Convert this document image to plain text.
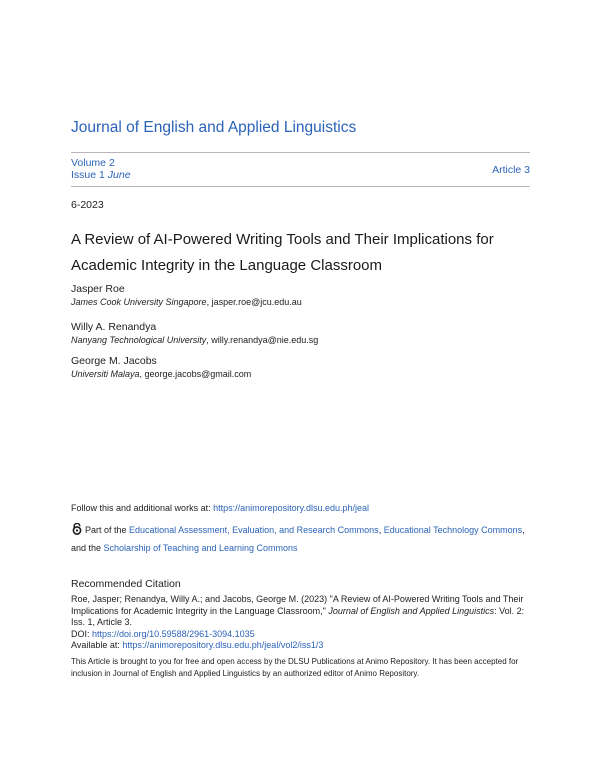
Journal of English and Applied Linguistics
Volume 2
Issue 1 June	Article 3
6-2023
A Review of AI-Powered Writing Tools and Their Implications for Academic Integrity in the Language Classroom
Jasper Roe
James Cook University Singapore, jasper.roe@jcu.edu.au
Willy A. Renandya
Nanyang Technological University, willy.renandya@nie.edu.sg
George M. Jacobs
Universiti Malaya, george.jacobs@gmail.com
Follow this and additional works at: https://animorepository.dlsu.edu.ph/jeal
Part of the Educational Assessment, Evaluation, and Research Commons, Educational Technology Commons, and the Scholarship of Teaching and Learning Commons
Recommended Citation
Roe, Jasper; Renandya, Willy A.; and Jacobs, George M. (2023) "A Review of AI-Powered Writing Tools and Their Implications for Academic Integrity in the Language Classroom," Journal of English and Applied Linguistics: Vol. 2: Iss. 1, Article 3.
DOI: https://doi.org/10.59588/2961-3094.1035
Available at: https://animorepository.dlsu.edu.ph/jeal/vol2/iss1/3
This Article is brought to you for free and open access by the DLSU Publications at Animo Repository. It has been accepted for inclusion in Journal of English and Applied Linguistics by an authorized editor of Animo Repository.
